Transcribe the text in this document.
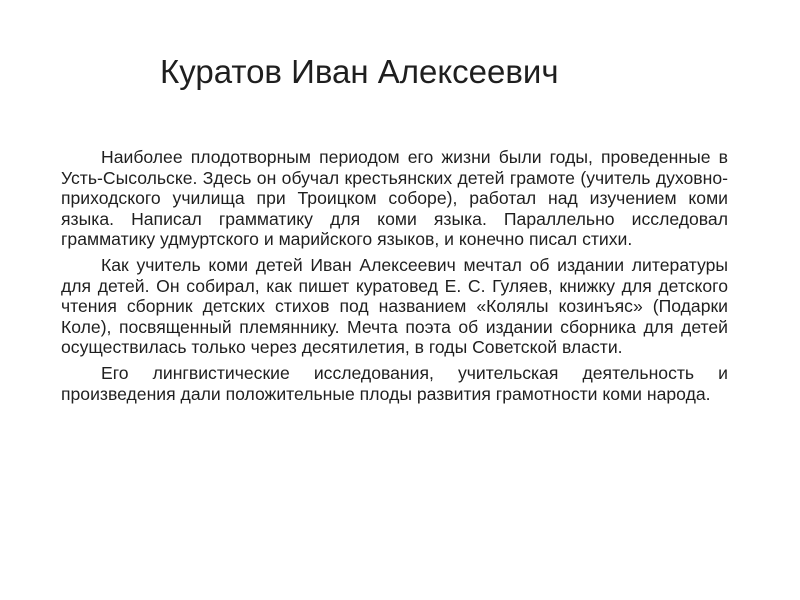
Куратов Иван Алексеевич

Наиболее плодотворным периодом его жизни были годы, проведенные в Усть-Сысольске. Здесь он обучал крестьянских детей грамоте (учитель духовно-приходского училища при Троицком соборе), работал над изучением коми языка. Написал грамматику для коми языка. Параллельно исследовал грамматику удмуртского и марийского языков, и конечно писал стихи.

Как учитель коми детей Иван Алексеевич мечтал об издании литературы для детей. Он собирал, как пишет куратовед Е. С. Гуляев, книжку для детского чтения сборник детских стихов под названием «Колялы козинъяс» (Подарки Коле), посвященный племяннику. Мечта поэта об издании сборника для детей осуществилась только через десятилетия, в годы Советской власти.

Его лингвистические исследования, учительская деятельность и произведения дали положительные плоды развития грамотности коми народа.
